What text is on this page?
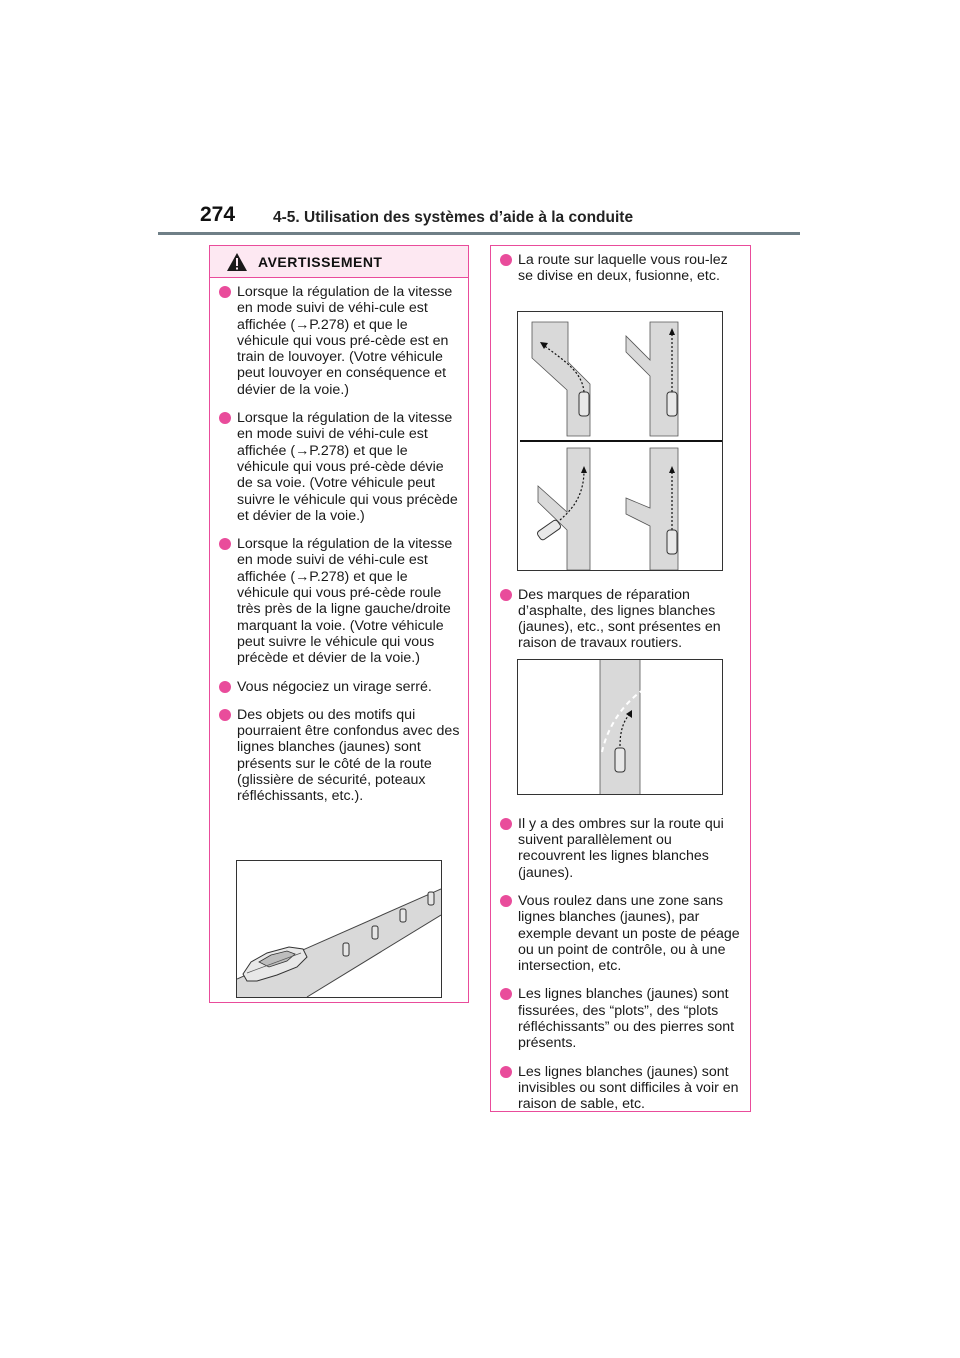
274 4-5. Utilisation des systèmes d’aide à la conduite
AVERTISSEMENT
Lorsque la régulation de la vitesse en mode suivi de véhi-cule est affichée (→P.278) et que le véhicule qui vous pré-cède est en train de louvoyer. (Votre véhicule peut louvoyer en conséquence et dévier de la voie.)
Lorsque la régulation de la vitesse en mode suivi de véhi-cule est affichée (→P.278) et que le véhicule qui vous pré-cède dévie de sa voie. (Votre véhicule peut suivre le véhicule qui vous précède et dévier de la voie.)
Lorsque la régulation de la vitesse en mode suivi de véhi-cule est affichée (→P.278) et que le véhicule qui vous pré-cède roule très près de la ligne gauche/droite marquant la voie. (Votre véhicule peut suivre le véhicule qui vous précède et dévier de la voie.)
Vous négociez un virage serré.
Des objets ou des motifs qui pourraient être confondus avec des lignes blanches (jaunes) sont présents sur le côté de la route (glissière de sécurité, poteaux réfléchissants, etc.).
La route sur laquelle vous rou-lez se divise en deux, fusionne, etc.
Des marques de réparation d’asphalte, des lignes blanches (jaunes), etc., sont présentes en raison de travaux routiers.
Il y a des ombres sur la route qui suivent parallèlement ou recouvrent les lignes blanches (jaunes).
Vous roulez dans une zone sans lignes blanches (jaunes), par exemple devant un poste de péage ou un point de contrôle, ou à une intersection, etc.
Les lignes blanches (jaunes) sont fissurées, des “plots”, des “plots réfléchissants” ou des pierres sont présents.
Les lignes blanches (jaunes) sont invisibles ou sont difficiles à voir en raison de sable, etc.
